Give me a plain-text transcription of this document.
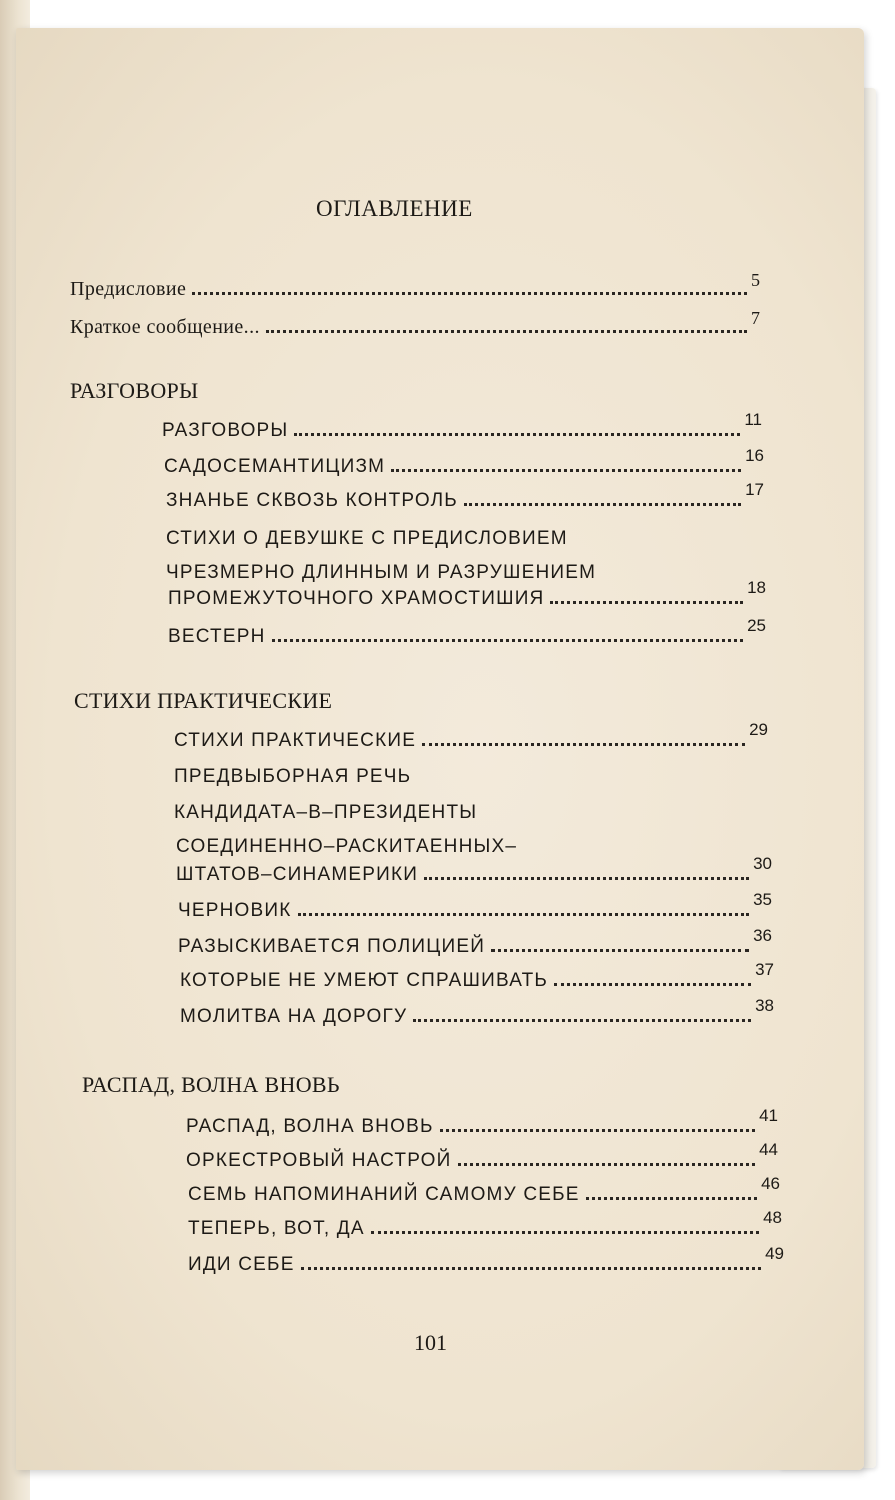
ОГЛАВЛЕНИЕ
Предисловие	5
Краткое сообщение...	7
РАЗГОВОРЫ
РАЗГОВОРЫ
11
САДОСЕМАНТИЦИЗМ
16
ЗНАНЬЕ СКВОЗЬ КОНТРОЛЬ
17
СТИХИ О ДЕВУШКЕ С ПРЕДИСЛОВИЕМ
ЧРЕЗМЕРНО ДЛИННЫМ И РАЗРУШЕНИЕМ
ПРОМЕЖУТОЧНОГО ХРАМОСТИШИЯ
18
ВЕСТЕРН
25
СТИХИ ПРАКТИЧЕСКИЕ
СТИХИ ПРАКТИЧЕСКИЕ
29
ПРЕДВЫБОРНАЯ РЕЧЬ
КАНДИДАТА–В–ПРЕЗИДЕНТЫ
СОЕДИНЕННО–РАСКИТАЕННЫХ–
ШТАТОВ–СИНАМЕРИКИ
30
ЧЕРНОВИК
35
РАЗЫСКИВАЕТСЯ ПОЛИЦИЕЙ
36
КОТОРЫЕ НЕ УМЕЮТ СПРАШИВАТЬ
37
МОЛИТВА НА ДОРОГУ
38
РАСПАД, ВОЛНА ВНОВЬ
РАСПАД, ВОЛНА ВНОВЬ
41
ОРКЕСТРОВЫЙ НАСТРОЙ
44
СЕМЬ НАПОМИНАНИЙ САМОМУ СЕБЕ
46
ТЕПЕРЬ, ВОТ, ДА
48
ИДИ СЕБЕ
49
101
